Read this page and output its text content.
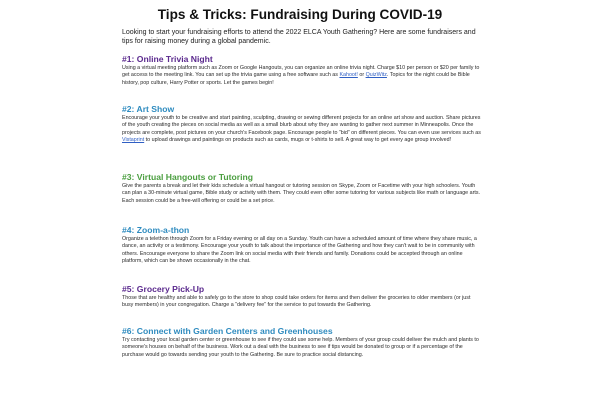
Tips & Tricks: Fundraising During COVID-19
Looking to start your fundraising efforts to attend the 2022 ELCA Youth Gathering? Here are some fundraisers and tips for raising money during a global pandemic.
#1: Online Trivia Night

Using a virtual meeting platform such as Zoom or Google Hangouts, you can organize an online trivia night. Charge $10 per person or $20 per family to get access to the meeting link. You can set up the trivia game using a free software such as Kahoot! or QuizWitz. Topics for the night could be Bible history, pop culture, Harry Potter or sports. Let the games begin!

#2: Art Show

Encourage your youth to be creative and start painting, sculpting, drawing or sewing different projects for an online art show and auction. Share pictures of the youth creating the pieces on social media as well as a small blurb about why they are wanting to gather next summer in Minneapolis. Once the projects are complete, post pictures on your church's Facebook page. Encourage people to “bid” on different pieces. You can even use services such as Vistaprint to upload drawings and paintings on products such as cards, mugs or t-shirts to sell. A great way to get every age group involved!

#3: Virtual Hangouts or Tutoring

Give the parents a break and let their kids schedule a virtual hangout or tutoring session on Skype, Zoom or Facetime with your high schoolers. Youth can plan a 30-minute virtual game, Bible study or activity with them. They could even offer some tutoring for various subjects like math or language arts. Each session could be a free-will offering or could be a set price.

#4: Zoom-a-thon

Organize a telethon through Zoom for a Friday evening or all day on a Sunday. Youth can have a scheduled amount of time where they share music, a dance, an activity or a testimony. Encourage your youth to talk about the importance of the Gathering and how they can't wait to be in community with others. Encourage everyone to share the Zoom link on social media with their friends and family. Donations could be accepted through an online platform, which can be shown occasionally in the chat.

#5: Grocery Pick-Up

Those that are healthy and able to safely go to the store to shop could take orders for items and then deliver the groceries to older members (or just busy members) in your congregation. Charge a “delivery fee” for the service to put towards the Gathering.

#6: Connect with Garden Centers and Greenhouses

Try contacting your local garden center or greenhouse to see if they could use some help. Members of your group could deliver the mulch and plants to someone's houses on behalf of the business. Work out a deal with the business to see if tips would be donated to group or if a percentage of the purchase would go towards sending your youth to the Gathering. Be sure to practice social distancing.
